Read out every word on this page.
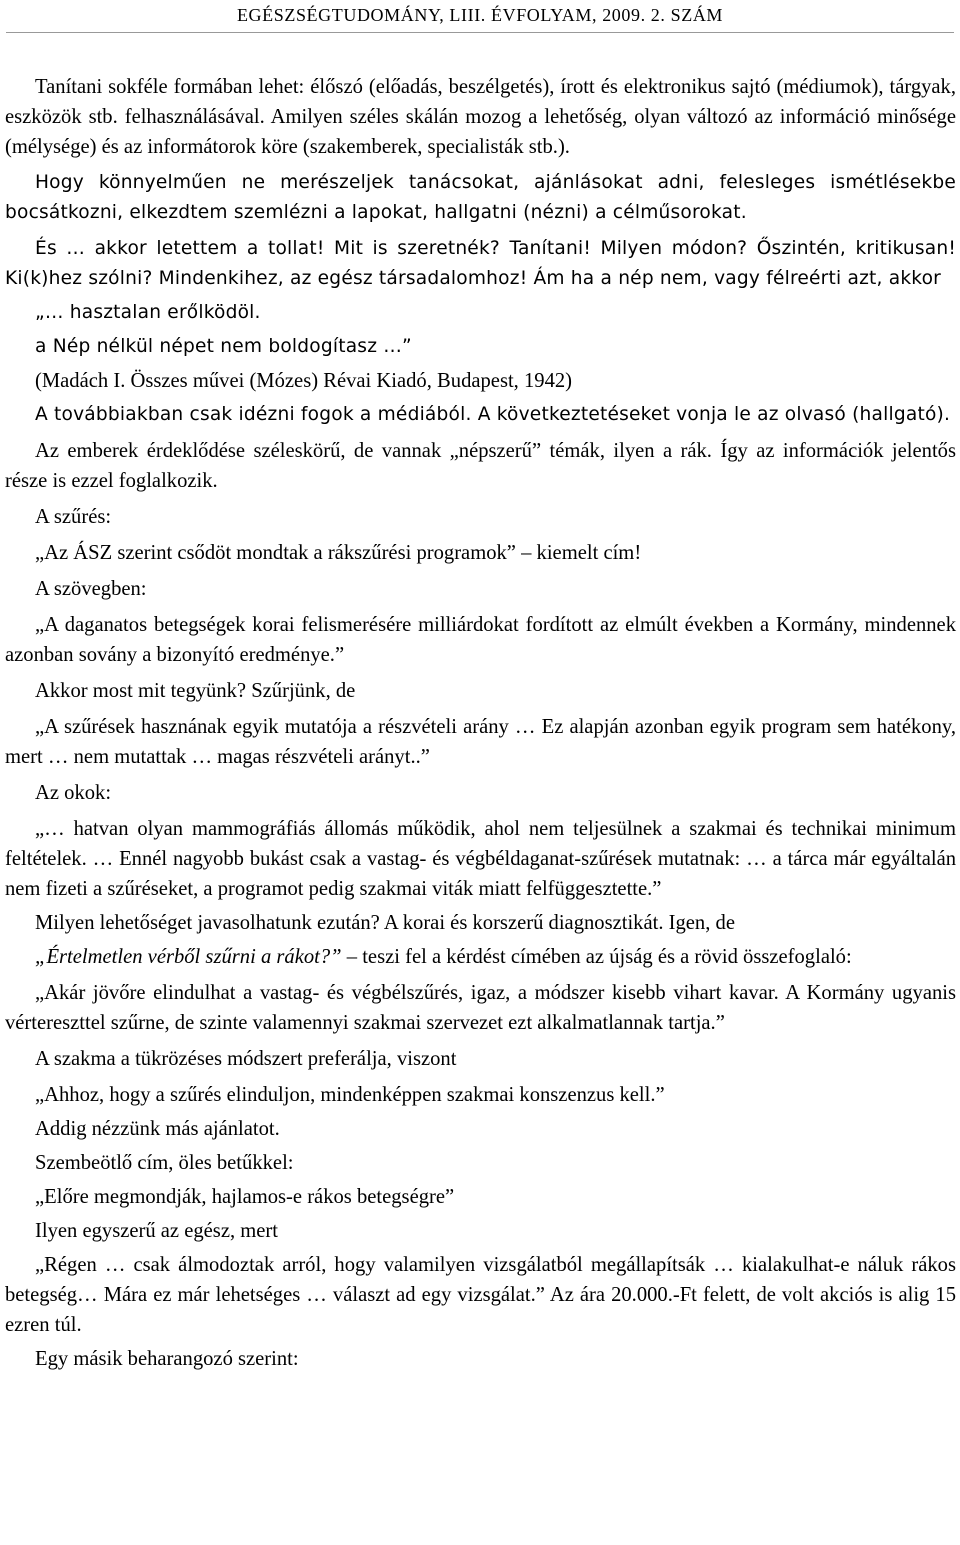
EGÉSZSÉGTUDOMÁNY, LIII. ÉVFOLYAM, 2009. 2. SZÁM

Tanítani sokféle formában lehet: élőszó (előadás, beszélgetés), írott és elektronikus sajtó (médiumok), tárgyak, eszközök stb. felhasználásával. Amilyen széles skálán mozog a lehetőség, olyan változó az információ minősége (mélysége) és az informátorok köre (szakemberek, specialisták stb.).

Hogy könnyelműen ne merészeljek tanácsokat, ajánlásokat adni, felesleges ismétlésekbe bocsátkozni, elkezdtem szemlézni a lapokat, hallgatni (nézni) a célműsorokat.

És … akkor letettem a tollat! Mit is szeretnék? Tanítani! Milyen módon? Őszintén, kritikusan! Ki(k)hez szólni? Mindenkihez, az egész társadalomhoz! Ám ha a nép nem, vagy félreérti azt, akkor

„… hasztalan erőlködöl.

a Nép nélkül népet nem boldogítasz …”

(Madách I. Összes művei (Mózes) Révai Kiadó, Budapest, 1942)

A továbbiakban csak idézni fogok a médiából. A következtetéseket vonja le az olvasó (hallgató).

Az emberek érdeklődése széleskörű, de vannak „népszerű” témák, ilyen a rák. Így az információk jelentős része is ezzel foglalkozik.

A szűrés:

„Az ÁSZ szerint csődöt mondtak a rákszűrési programok” – kiemelt cím!

A szövegben:

„A daganatos betegségek korai felismerésére milliárdokat fordított az elmúlt években a Kormány, mindennek azonban sovány a bizonyító eredménye.”

Akkor most mit tegyünk? Szűrjünk, de

„A szűrések hasznának egyik mutatója a részvételi arány … Ez alapján azonban egyik program sem hatékony, mert … nem mutattak … magas részvételi arányt..”

Az okok:

„… hatvan olyan mammográfiás állomás működik, ahol nem teljesülnek a szakmai és technikai minimum feltételek. … Ennél nagyobb bukást csak a vastag- és végbéldaganat-szűrések mutatnak: … a tárca már egyáltalán nem fizeti a szűréseket, a programot pedig szakmai viták miatt felfüggesztette.”

Milyen lehetőséget javasolhatunk ezután? A korai és korszerű diagnosztikát. Igen, de

„Értelmetlen vérből szűrni a rákot?” – teszi fel a kérdést címében az újság és a rövid összefoglaló:

„Akár jövőre elindulhat a vastag- és végbélszűrés, igaz, a módszer kisebb vihart kavar. A Kormány ugyanis vértereszttel szűrne, de szinte valamennyi szakmai szervezet ezt alkalmatlannak tartja.”

A szakma a tükrözéses módszert preferálja, viszont

„Ahhoz, hogy a szűrés elinduljon, mindenképpen szakmai konszenzus kell.”

Addig nézzünk más ajánlatot.

Szembeötlő cím, öles betűkkel:

„Előre megmondják, hajlamos-e rákos betegségre”

Ilyen egyszerű az egész, mert

„Régen … csak álmodoztak arról, hogy valamilyen vizsgálatból megállapítsák … kialakulhat-e náluk rákos betegség… Mára ez már lehetséges … választ ad egy vizsgálat.” Az ára 20.000.-Ft felett, de volt akciós is alig 15 ezren túl.

Egy másik beharangozó szerint:
